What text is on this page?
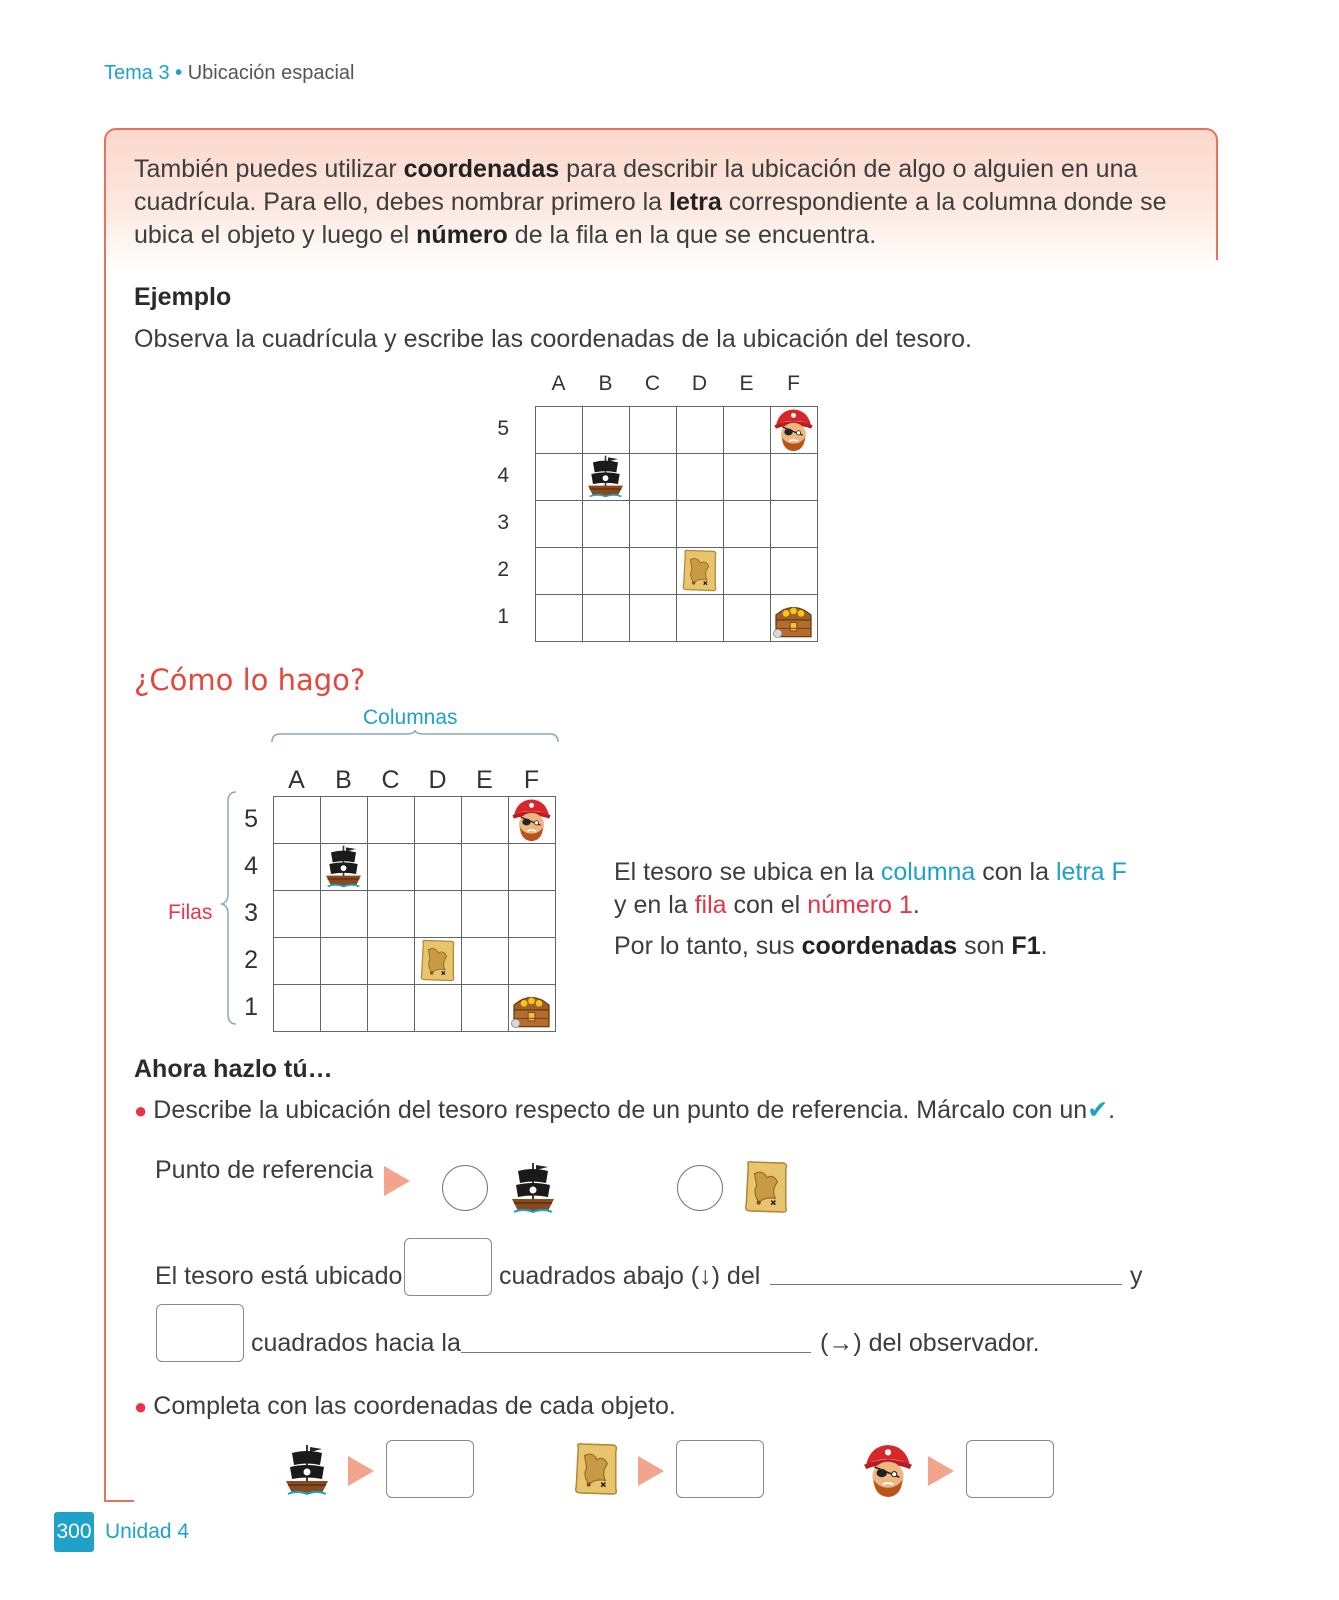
Tema 3 • Ubicación espacial
También puedes utilizar coordenadas para describir la ubicación de algo o alguien en una cuadrícula. Para ello, debes nombrar primero la letra correspondiente a la columna donde se ubica el objeto y luego el número de la fila en la que se encuentra.
Ejemplo
Observa la cuadrícula y escribe las coordenadas de la ubicación del tesoro.
A	B	C	D	E	F
5
4
3
2
1
¿Cómo lo hago?
Columnas
Filas
A	B	C	D	E	F
5
4
3
2
1
El tesoro se ubica en la columna con la letra F
y en la fila con el número 1.
Por lo tanto, sus coordenadas son F1.
Ahora hazlo tú…
● Describe la ubicación del tesoro respecto de un punto de referencia. Márcalo con un✔.
Punto de referencia
El tesoro está ubicado	cuadrados abajo (↓) del	y
cuadrados hacia la	(→) del observador.
● Completa con las coordenadas de cada objeto.
300 Unidad 4
